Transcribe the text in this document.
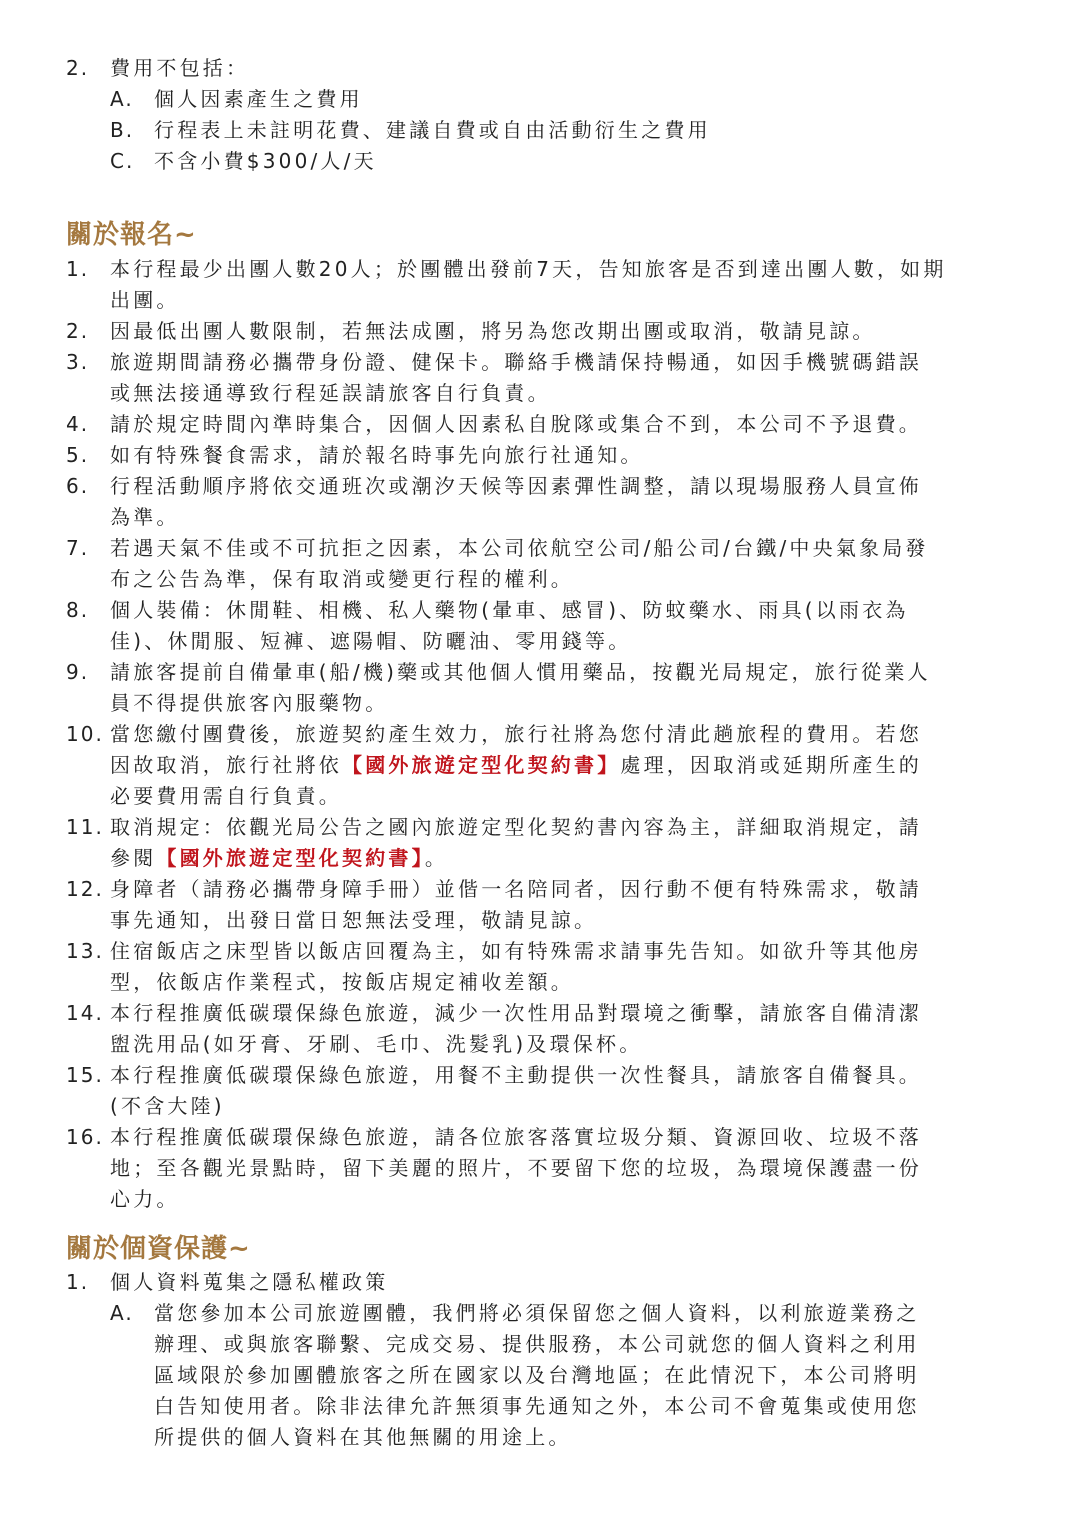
2.	費用不包括：
A.	個人因素產生之費用
B. 行程表上未註明花費、建議自費或自由活動衍生之費用
C. 不含小費$300/人/天
關於報名~
1.	本行程最少出團人數20人；於團體出發前7天，告知旅客是否到達出團人數，如期
出團。
2.	因最低出團人數限制，若無法成團，將另為您改期出團或取消，敬請見諒。
3.	旅遊期間請務必攜帶身份證、健保卡。聯絡手機請保持暢通，如因手機號碼錯誤
或無法接通導致行程延誤請旅客自行負責。
4.	請於規定時間內準時集合，因個人因素私自脫隊或集合不到，本公司不予退費。
5.	如有特殊餐食需求，請於報名時事先向旅行社通知。
6.	行程活動順序將依交通班次或潮汐天候等因素彈性調整，請以現場服務人員宣佈
為準。
7.	若遇天氣不佳或不可抗拒之因素，本公司依航空公司/船公司/台鐵/中央氣象局發
布之公告為準，保有取消或變更行程的權利。
8.	個人裝備：休閒鞋、相機、私人藥物(暈車、感冒)、防蚊藥水、雨具(以雨衣為
佳)、休閒服、短褲、遮陽帽、防曬油、零用錢等。
9.	請旅客提前自備暈車(船/機)藥或其他個人慣用藥品，按觀光局規定，旅行從業人
員不得提供旅客內服藥物。
10. 當您繳付團費後，旅遊契約產生效力，旅行社將為您付清此趟旅程的費用。若您
因故取消，旅行社將依【國外旅遊定型化契約書】處理，因取消或延期所產生的
必要費用需自行負責。
11. 取消規定：依觀光局公告之國內旅遊定型化契約書內容為主，詳細取消規定，請
參閱【國外旅遊定型化契約書】。
12. 身障者（請務必攜帶身障手冊）並偕一名陪同者，因行動不便有特殊需求，敬請
事先通知，出發日當日恕無法受理，敬請見諒。
13. 住宿飯店之床型皆以飯店回覆為主，如有特殊需求請事先告知。如欲升等其他房
型，依飯店作業程式，按飯店規定補收差額。
14. 本行程推廣低碳環保綠色旅遊，減少一次性用品對環境之衝擊，請旅客自備清潔
盥洗用品(如牙膏、牙刷、毛巾、洗髮乳)及環保杯。
15. 本行程推廣低碳環保綠色旅遊，用餐不主動提供一次性餐具，請旅客自備餐具。
(不含大陸)
16. 本行程推廣低碳環保綠色旅遊，請各位旅客落實垃圾分類、資源回收、垃圾不落
地；至各觀光景點時，留下美麗的照片，不要留下您的垃圾，為環境保護盡一份
心力。
關於個資保護~
1.	個人資料蒐集之隱私權政策
A.	當您參加本公司旅遊團體，我們將必須保留您之個人資料，以利旅遊業務之
辦理、或與旅客聯繫、完成交易、提供服務，本公司就您的個人資料之利用
區域限於參加團體旅客之所在國家以及台灣地區；在此情況下，本公司將明
白告知使用者。除非法律允許無須事先通知之外，本公司不會蒐集或使用您
所提供的個人資料在其他無關的用途上。
